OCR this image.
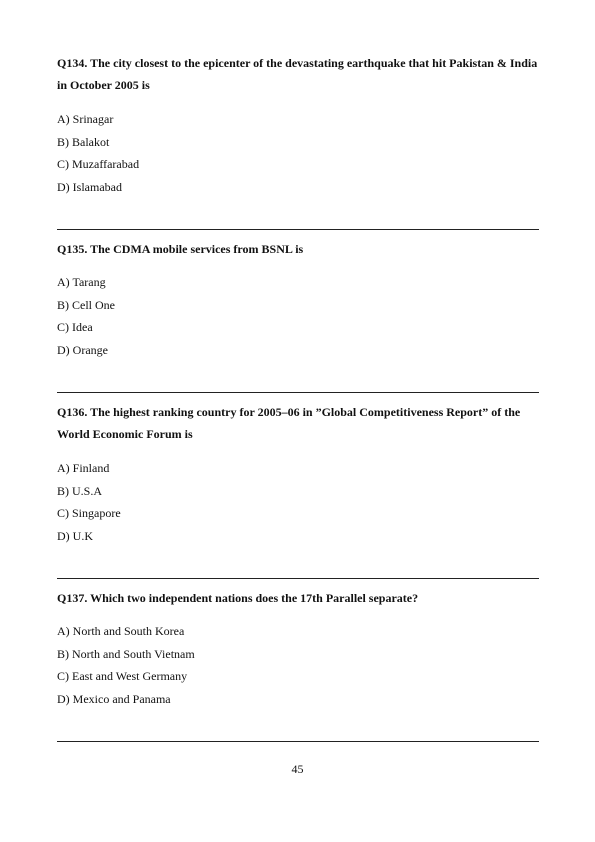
Q134. The city closest to the epicenter of the devastating earthquake that hit Pakistan & India in October 2005 is

A) Srinagar
B) Balakot
C) Muzaffarabad
D) Islamabad

Q135. The CDMA mobile services from BSNL is

A) Tarang
B) Cell One
C) Idea
D) Orange

Q136. The highest ranking country for 2005–06 in ”Global Competitiveness Report” of the World Economic Forum is

A) Finland
B) U.S.A
C) Singapore
D) U.K

Q137. Which two independent nations does the 17th Parallel separate?

A) North and South Korea
B) North and South Vietnam
C) East and West Germany
D) Mexico and Panama
45
